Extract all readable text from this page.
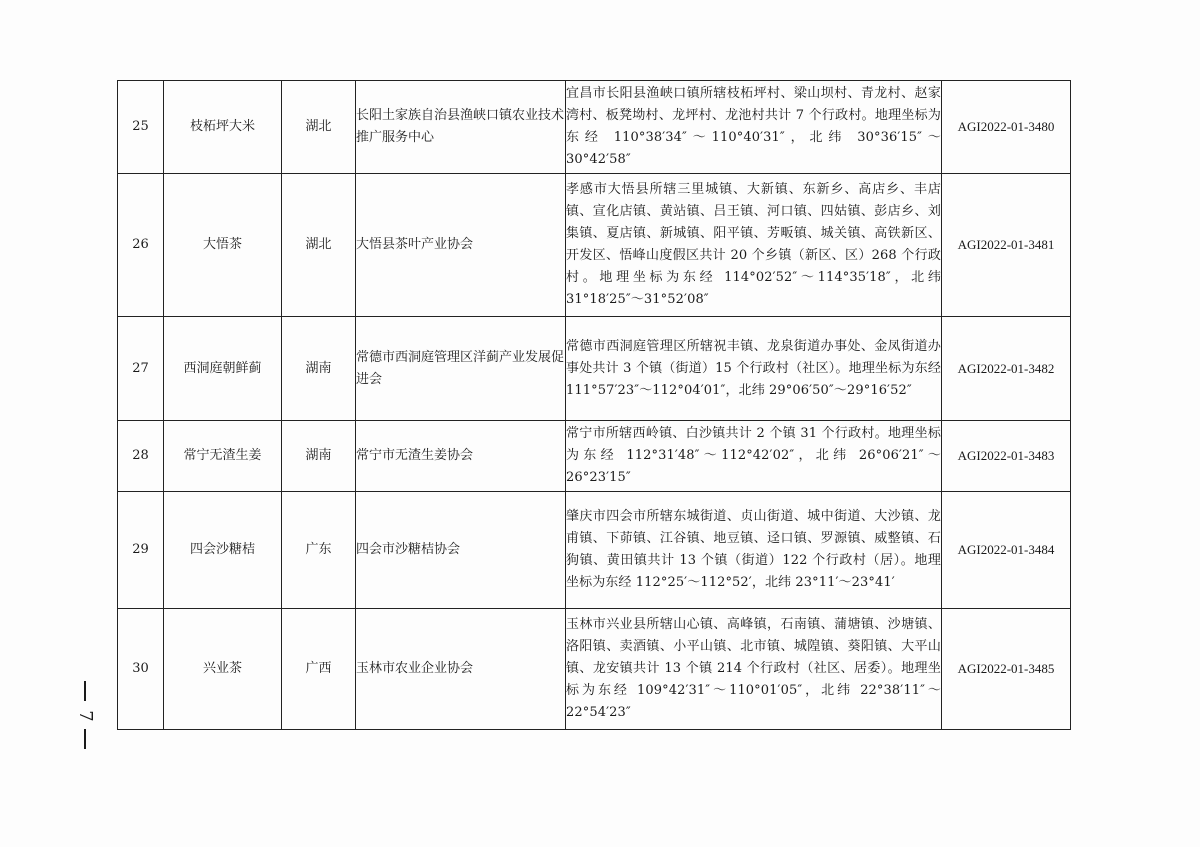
25	枝柘坪大米	湖北	长阳土家族自治县渔峡口镇农业技术推广服务中心	宜昌市长阳县渔峡口镇所辖枝柘坪村、梁山坝村、青龙村、赵家湾村、板凳坳村、龙坪村、龙池村共计 7 个行政村。地理坐标为东经 110°38′34″～110°40′31″，北纬 30°36′15″～30°42′58″	AGI2022-01-3480
26	大悟茶	湖北	大悟县茶叶产业协会	孝感市大悟县所辖三里城镇、大新镇、东新乡、高店乡、丰店镇、宣化店镇、黄站镇、吕王镇、河口镇、四姑镇、彭店乡、刘集镇、夏店镇、新城镇、阳平镇、芳畈镇、城关镇、高铁新区、开发区、悟峰山度假区共计 20 个乡镇（新区、区）268 个行政村。地理坐标为东经 114°02′52″～114°35′18″，北纬 31°18′25″～31°52′08″	AGI2022-01-3481
27	西洞庭朝鲜蓟	湖南	常德市西洞庭管理区洋蓟产业发展促进会	常德市西洞庭管理区所辖祝丰镇、龙泉街道办事处、金凤街道办事处共计 3 个镇（街道）15 个行政村（社区）。地理坐标为东经 111°57′23″～112°04′01″，北纬 29°06′50″～29°16′52″	AGI2022-01-3482
28	常宁无渣生姜	湖南	常宁市无渣生姜协会	常宁市所辖西岭镇、白沙镇共计 2 个镇 31 个行政村。地理坐标为东经 112°31′48″～112°42′02″，北纬 26°06′21″～26°23′15″	AGI2022-01-3483
29	四会沙糖桔	广东	四会市沙糖桔协会	肇庆市四会市所辖东城街道、贞山街道、城中街道、大沙镇、龙甫镇、下茆镇、江谷镇、地豆镇、迳口镇、罗源镇、威整镇、石狗镇、黄田镇共计 13 个镇（街道）122 个行政村（居）。地理坐标为东经 112°25′～112°52′，北纬 23°11′～23°41′	AGI2022-01-3484
30	兴业茶	广西	玉林市农业企业协会	玉林市兴业县所辖山心镇、高峰镇，石南镇、蒲塘镇、沙塘镇、洛阳镇、卖酒镇、小平山镇、北市镇、城隍镇、葵阳镇、大平山镇、龙安镇共计 13 个镇 214 个行政村（社区、居委）。地理坐标为东经 109°42′31″～110°01′05″，北纬 22°38′11″～22°54′23″	AGI2022-01-3485
7
